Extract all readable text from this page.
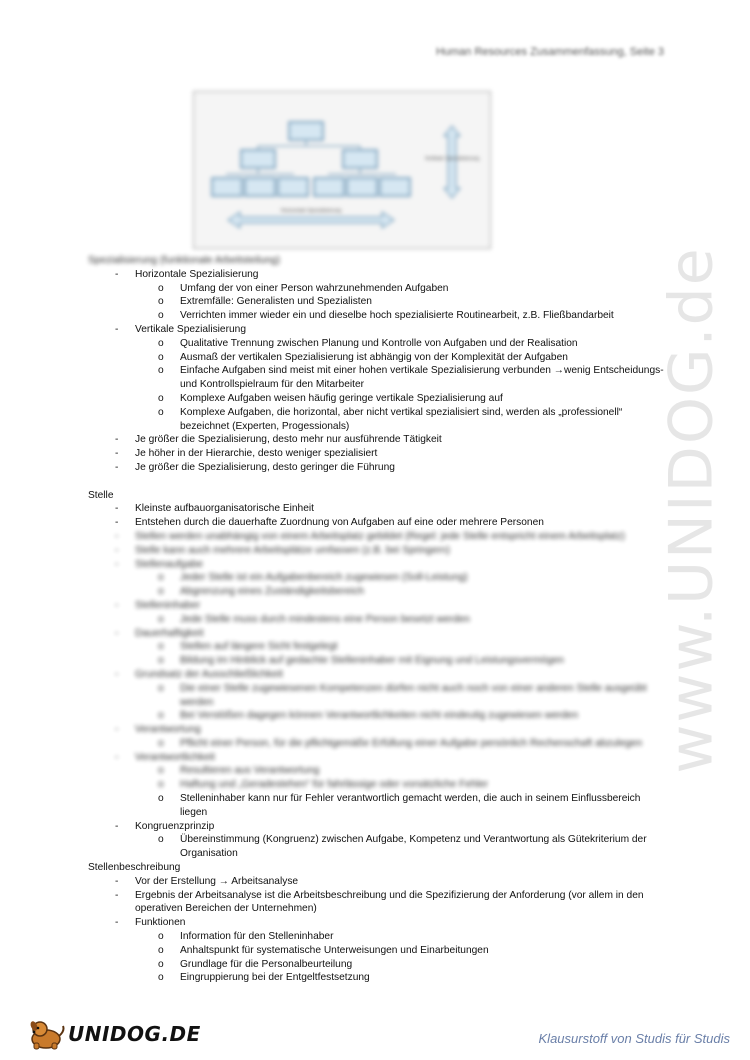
Human Resources Zusammenfassung, Seite 3
Vertikale Spezialisierung
Horizontale Spezialisierung
www.UNIDOG.de
Spezialisierung (funktionale Arbeitsteilung)
- Horizontale Spezialisierung
o Umfang der von einer Person wahrzunehmenden Aufgaben
o Extremfälle: Generalisten und Spezialisten
o Verrichten immer wieder ein und dieselbe hoch spezialisierte Routinearbeit, z.B. Fließbandarbeit
- Vertikale Spezialisierung
o Qualitative Trennung zwischen Planung und Kontrolle von Aufgaben und der Realisation
o Ausmaß der vertikalen Spezialisierung ist abhängig von der Komplexität der Aufgaben
o Einfache Aufgaben sind meist mit einer hohen vertikale Spezialisierung verbunden →wenig Entscheidungs- und Kontrollspielraum für den Mitarbeiter
o Komplexe Aufgaben weisen häufig geringe vertikale Spezialisierung auf
o Komplexe Aufgaben, die horizontal, aber nicht vertikal spezialisiert sind, werden als „professionell“ bezeichnet (Experten, Progessionals)
- Je größer die Spezialisierung, desto mehr nur ausführende Tätigkeit
- Je höher in der Hierarchie, desto weniger spezialisiert
- Je größer die Spezialisierung, desto geringer die Führung
Stelle
- Kleinste aufbauorganisatorische Einheit
- Entstehen durch die dauerhafte Zuordnung von Aufgaben auf eine oder mehrere Personen
- Stellen werden unabhängig von einem Arbeitsplatz gebildet (Regel: jede Stelle entspricht einem Arbeitsplatz)
- Stelle kann auch mehrere Arbeitsplätze umfassen (z.B. bei Springern)
- Stellenaufgabe
o Jeder Stelle ist ein Aufgabenbereich zugewiesen (Soll-Leistung)
o Abgrenzung eines Zuständigkeitsbereich
- Stelleninhaber
o Jede Stelle muss durch mindestens eine Person besetzt werden
- Dauerhaftigkeit
o Stellen auf längere Sicht festgelegt
o Bildung im Hinblick auf gedachte Stelleninhaber mit Eignung und Leistungsvermögen
- Grundsatz der Ausschließlichkeit
o Die einer Stelle zugewiesenen Kompetenzen dürfen nicht auch noch von einer anderen Stelle ausgeübt werden
o Bei Verstößen dagegen können Verantwortlichkeiten nicht eindeutig zugewiesen werden
- Verantwortung
o Pflicht einer Person, für die pflichtgemäße Erfüllung einer Aufgabe persönlich Rechenschaft abzulegen
- Verantwortlichkeit
o Resultieren aus Verantwortung
o Haftung und „Geradestehen“ für fahrlässige oder vorsätzliche Fehler
o Stelleninhaber kann nur für Fehler verantwortlich gemacht werden, die auch in seinem Einflussbereich liegen
- Kongruenzprinzip
o Übereinstimmung (Kongruenz) zwischen Aufgabe, Kompetenz und Verantwortung als Gütekriterium der Organisation
Stellenbeschreibung
- Vor der Erstellung → Arbeitsanalyse
- Ergebnis der Arbeitsanalyse ist die Arbeitsbeschreibung und die Spezifizierung der Anforderung (vor allem in den operativen Bereichen der Unternehmen)
- Funktionen
o Information für den Stelleninhaber
o Anhaltspunkt für systematische Unterweisungen und Einarbeitungen
o Grundlage für die Personalbeurteilung
o Eingruppierung bei der Entgeltfestsetzung
UNIDOG.DE	Klausurstoff von Studis für Studis
